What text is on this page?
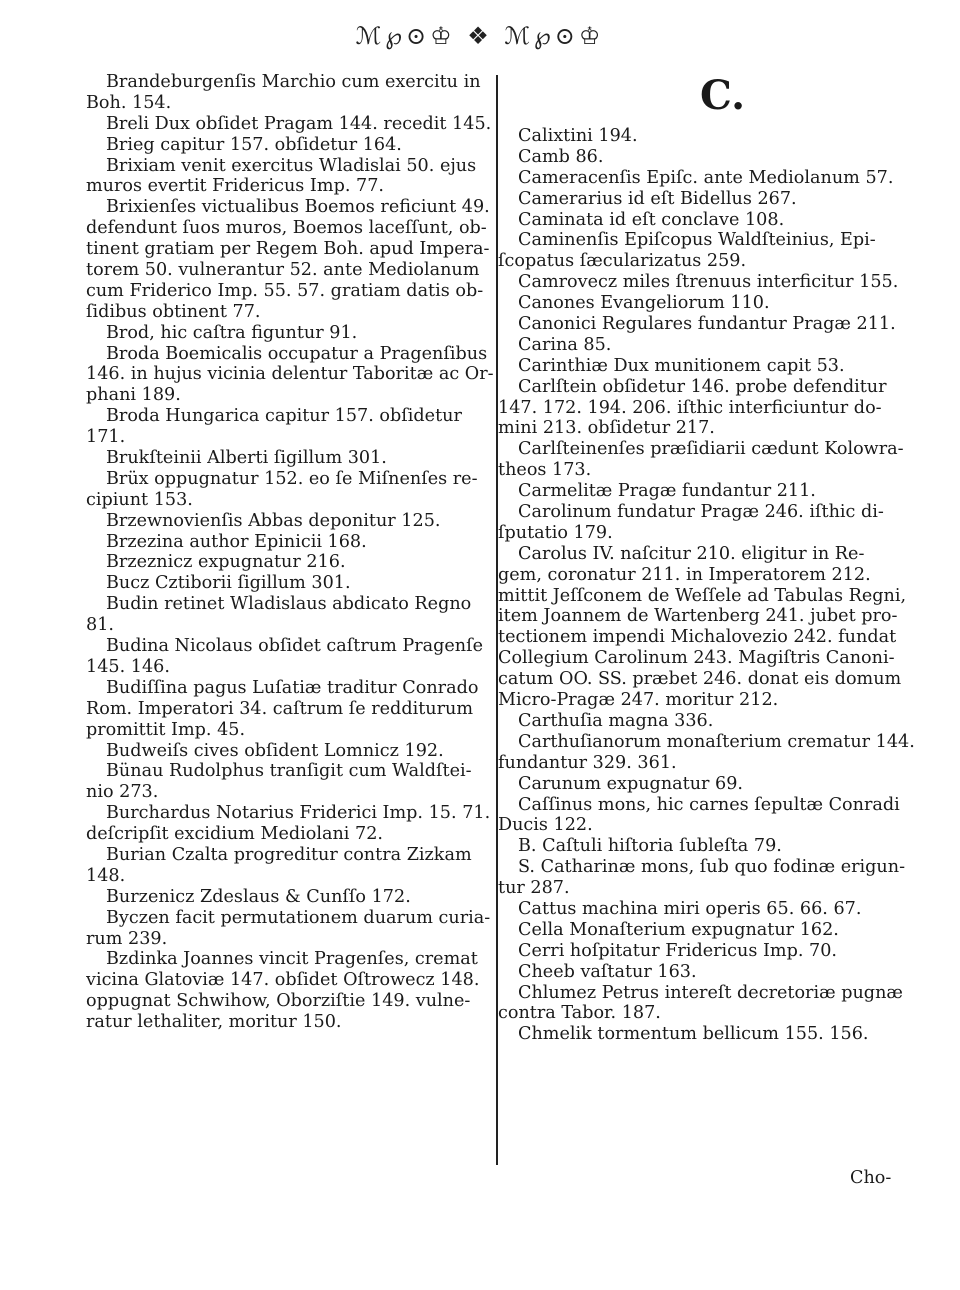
ℳ℘⊙♔ ❖ ℳ℘⊙♔
Brandeburgenſis Marchio cum exercitu in
Boh. 154.
Breli Dux obſidet Pragam 144. recedit 145.
Brieg capitur 157. obſidetur 164.
Brixiam venit exercitus Wladislai 50. ejus
muros evertit Fridericus Imp. 77.
Brixienſes victualibus Boemos reficiunt 49.
defendunt ſuos muros, Boemos laceſſunt, ob-
tinent gratiam per Regem Boh. apud Impera-
torem 50. vulnerantur 52. ante Mediolanum
cum Friderico Imp. 55. 57. gratiam datis ob-
ſidibus obtinent 77.
Brod, hic caſtra figuntur 91.
Broda Boemicalis occupatur a Pragenſibus
146. in hujus vicinia delentur Taboritæ ac Or-
phani 189.
Broda Hungarica capitur 157. obſidetur
171.
Brukſteinii Alberti ſigillum 301.
Brüx oppugnatur 152. eo ſe Miſnenſes re-
cipiunt 153.
Brzewnovienſis Abbas deponitur 125.
Brzezina author Epinicii 168.
Brzeznicz expugnatur 216.
Bucz Cztiborii ſigillum 301.
Budin retinet Wladislaus abdicato Regno
81.
Budina Nicolaus obſidet caſtrum Pragenſe
145. 146.
Budiſſina pagus Luſatiæ traditur Conrado
Rom. Imperatori 34. caſtrum ſe redditurum
promittit Imp. 45.
Budweiſs cives obſident Lomnicz 192.
Bünau Rudolphus tranſigit cum Waldſtei-
nio 273.
Burchardus Notarius Friderici Imp. 15. 71.
deſcripſit excidium Mediolani 72.
Burian Czalta progreditur contra Zizkam
148.
Burzenicz Zdeslaus & Cunſſo 172.
Byczen facit permutationem duarum curia-
rum 239.
Bzdinka Joannes vincit Pragenſes, cremat
vicina Glatoviæ 147. obſidet Oſtrowecz 148.
oppugnat Schwihow, Oborziſtie 149. vulne-
ratur lethaliter, moritur 150.
C.
Calixtini 194.
Camb 86.
Cameracenſis Epiſc. ante Mediolanum 57.
Camerarius id eſt Bidellus 267.
Caminata id eſt conclave 108.
Caminenſis Epiſcopus Waldſteinius, Epi-
ſcopatus ſæcularizatus 259.
Camrovecz miles ſtrenuus interficitur 155.
Canones Evangeliorum 110.
Canonici Regulares fundantur Pragæ 211.
Carina 85.
Carinthiæ Dux munitionem capit 53.
Carlſtein obſidetur 146. probe defenditur
147. 172. 194. 206. iſthic interficiuntur do-
mini 213. obſidetur 217.
Carlſteinenſes præſidiarii cædunt Kolowra-
theos 173.
Carmelitæ Pragæ fundantur 211.
Carolinum fundatur Pragæ 246. iſthic di-
ſputatio 179.
Carolus IV. naſcitur 210. eligitur in Re-
gem, coronatur 211. in Imperatorem 212.
mittit Jeſſconem de Weſſele ad Tabulas Regni,
item Joannem de Wartenberg 241. jubet pro-
tectionem impendi Michalovezio 242. fundat
Collegium Carolinum 243. Magiſtris Canoni-
catum OO. SS. præbet 246. donat eis domum
Micro-Pragæ 247. moritur 212.
Carthuſia magna 336.
Carthuſianorum monaſterium crematur 144.
fundantur 329. 361.
Carunum expugnatur 69.
Caſſinus mons, hic carnes ſepultæ Conradi
Ducis 122.
B. Caſtuli hiſtoria ſubleſta 79.
S. Catharinæ mons, ſub quo fodinæ erigun-
tur 287.
Cattus machina miri operis 65. 66. 67.
Cella Monaſterium expugnatur 162.
Cerri hoſpitatur Fridericus Imp. 70.
Cheeb vaſtatur 163.
Chlumez Petrus intereſt decretoriæ pugnæ
contra Tabor. 187.
Chmelik tormentum bellicum 155. 156.
Cho-
